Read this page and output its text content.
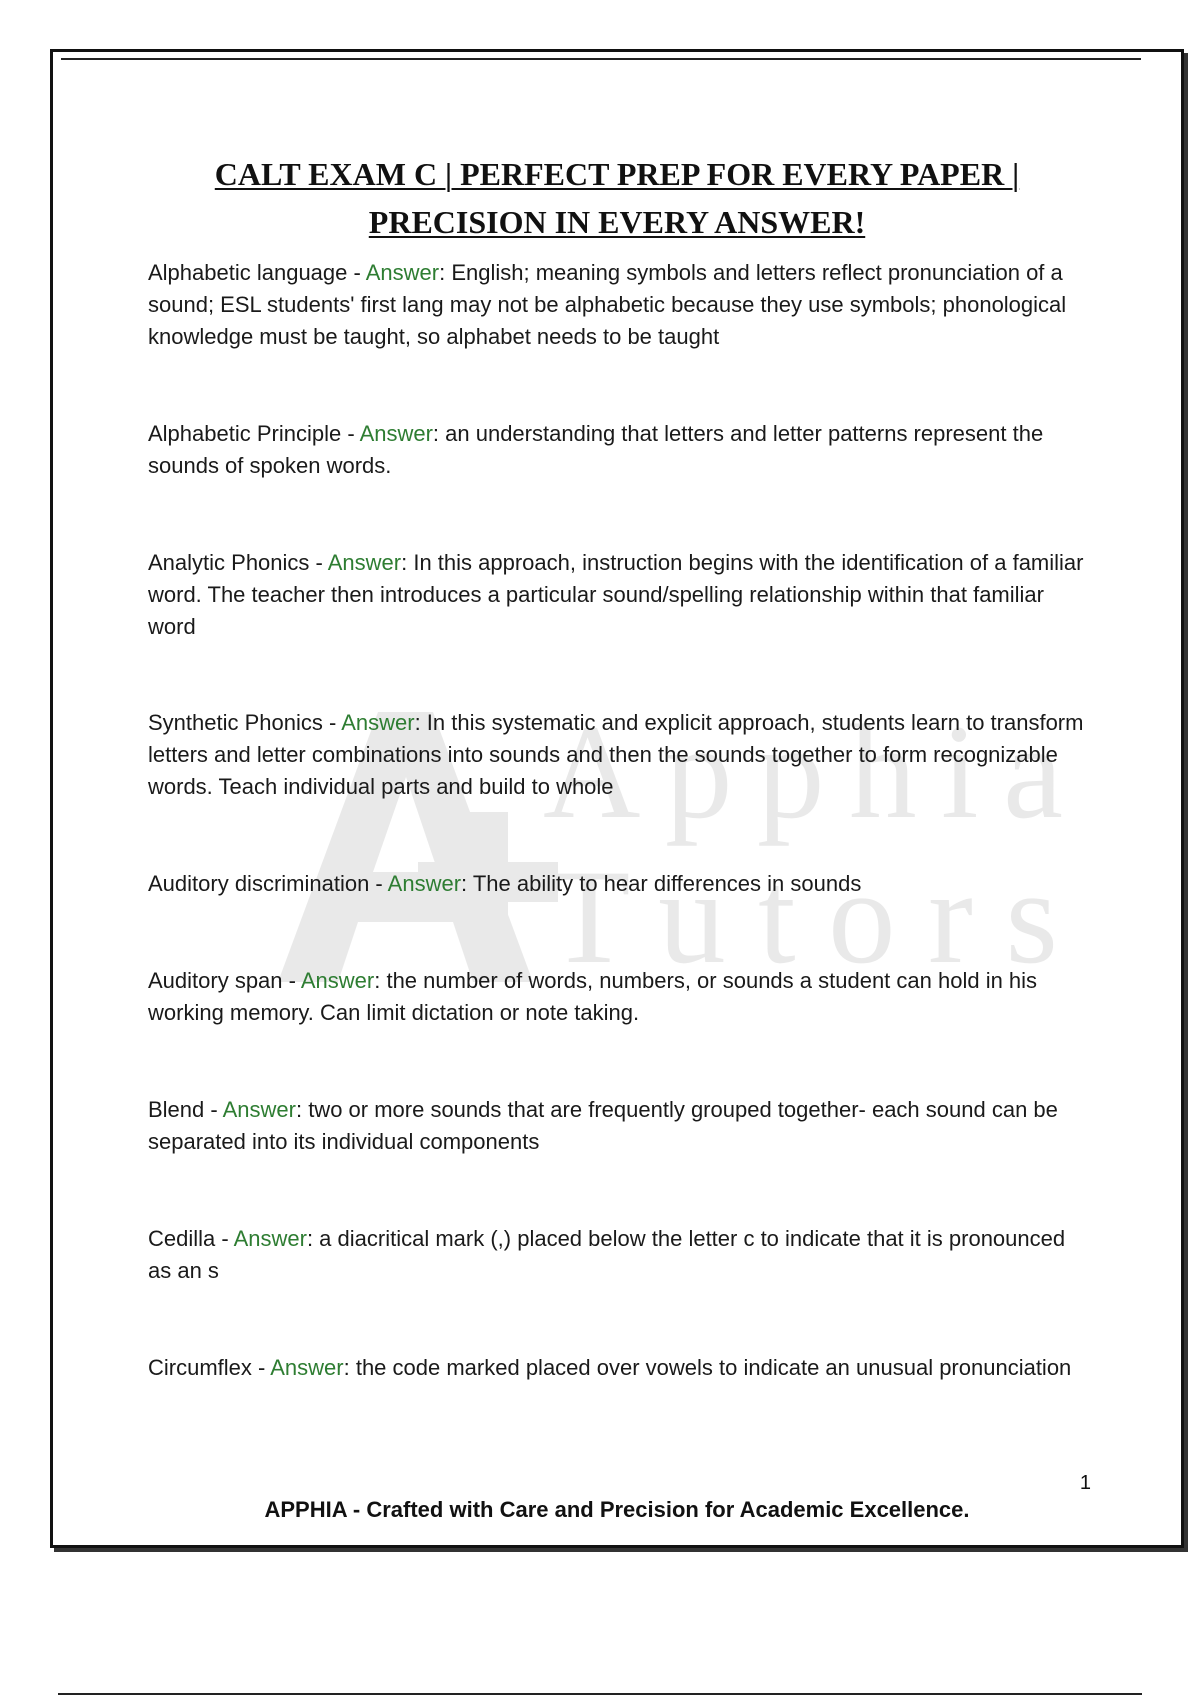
Apphia
Tutors
CALT EXAM C | PERFECT PREP FOR EVERY PAPER |
PRECISION IN EVERY ANSWER!

Alphabetic language - Answer: English; meaning symbols and letters reflect pronunciation of a sound; ESL students' first lang may not be alphabetic because they use symbols; phonological knowledge must be taught, so alphabet needs to be taught

Alphabetic Principle - Answer: an understanding that letters and letter patterns represent the sounds of spoken words.

Analytic Phonics - Answer: In this approach, instruction begins with the identification of a familiar word. The teacher then introduces a particular sound/spelling relationship within that familiar word

Synthetic Phonics - Answer: In this systematic and explicit approach, students learn to transform letters and letter combinations into sounds and then the sounds together to form recognizable words. Teach individual parts and build to whole

Auditory discrimination - Answer: The ability to hear differences in sounds

Auditory span - Answer: the number of words, numbers, or sounds a student can hold in his working memory. Can limit dictation or note taking.

Blend - Answer: two or more sounds that are frequently grouped together- each sound can be separated into its individual components

Cedilla - Answer: a diacritical mark (,) placed below the letter c to indicate that it is pronounced as an s

Circumflex - Answer: the code marked placed over vowels to indicate an unusual pronunciation

1
APPHIA - Crafted with Care and Precision for Academic Excellence.
